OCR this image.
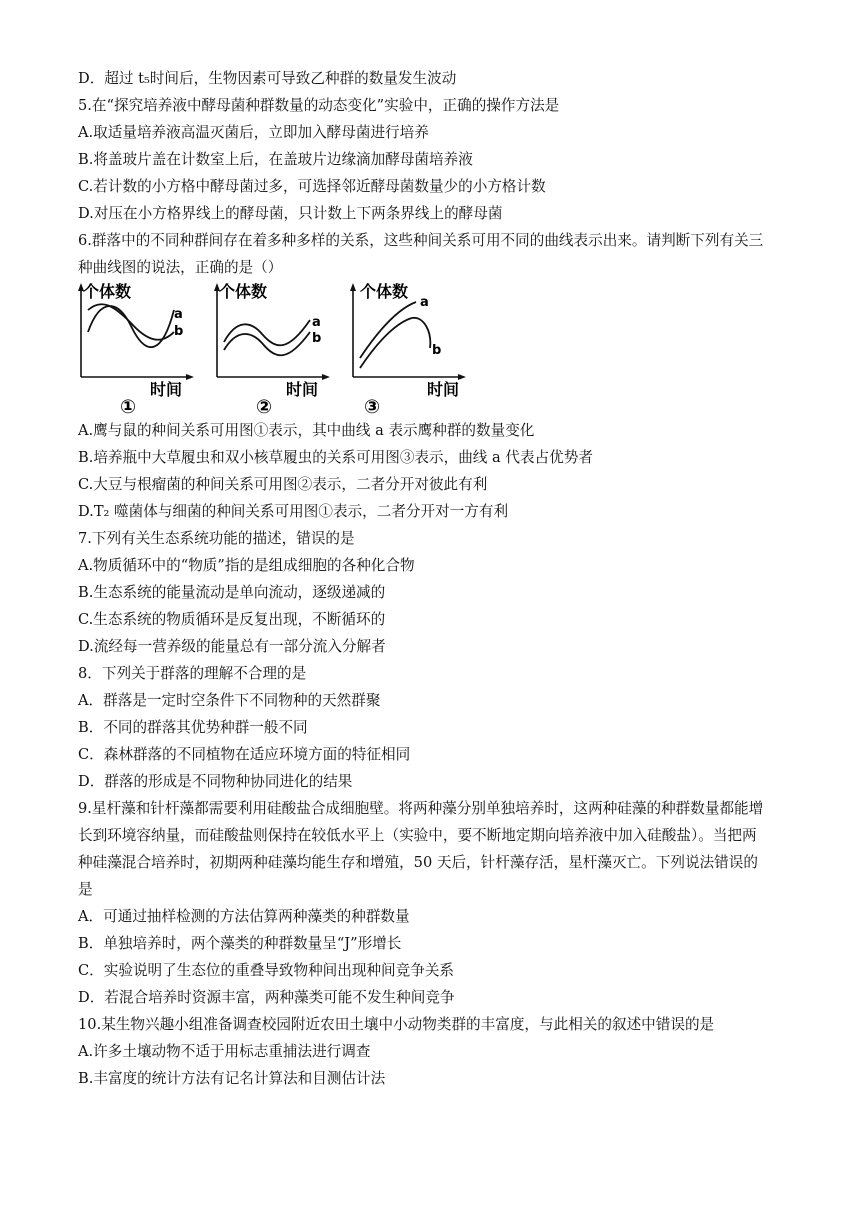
D．超过 t₅时间后，生物因素可导致乙种群的数量发生波动
5.在“探究培养液中酵母菌种群数量的动态变化”实验中，正确的操作方法是
A.取适量培养液高温灭菌后，立即加入酵母菌进行培养
B.将盖玻片盖在计数室上后，在盖玻片边缘滴加酵母菌培养液
C.若计数的小方格中酵母菌过多，可选择邻近酵母菌数量少的小方格计数
D.对压在小方格界线上的酵母菌，只计数上下两条界线上的酵母菌
6.群落中的不同种群间存在着多种多样的关系，这些种间关系可用不同的曲线表示出来。请判断下列有关三
种曲线图的说法，正确的是（）
个体数
a
b
时间
①
个体数
a
b
时间
②
个体数
a
b
时间
③
A.鹰与鼠的种间关系可用图①表示，其中曲线 a 表示鹰种群的数量变化
B.培养瓶中大草履虫和双小核草履虫的关系可用图③表示，曲线 a 代表占优势者
C.大豆与根瘤菌的种间关系可用图②表示，二者分开对彼此有利
D.T₂ 噬菌体与细菌的种间关系可用图①表示，二者分开对一方有利
7.下列有关生态系统功能的描述，错误的是
A.物质循环中的“物质”指的是组成细胞的各种化合物
B.生态系统的能量流动是单向流动，逐级递减的
C.生态系统的物质循环是反复出现，不断循环的
D.流经每一营养级的能量总有一部分流入分解者
8．下列关于群落的理解不合理的是
A．群落是一定时空条件下不同物种的天然群聚
B．不同的群落其优势种群一般不同
C．森林群落的不同植物在适应环境方面的特征相同
D．群落的形成是不同物种协同进化的结果
9.星杆藻和针杆藻都需要利用硅酸盐合成细胞壁。将两种藻分别单独培养时，这两种硅藻的种群数量都能增
长到环境容纳量，而硅酸盐则保持在较低水平上（实验中，要不断地定期向培养液中加入硅酸盐）。当把两
种硅藻混合培养时，初期两种硅藻均能生存和增殖，50 天后，针杆藻存活，星杆藻灭亡。下列说法错误的
是
A．可通过抽样检测的方法估算两种藻类的种群数量
B．单独培养时，两个藻类的种群数量呈“J”形增长
C．实验说明了生态位的重叠导致物种间出现种间竞争关系
D．若混合培养时资源丰富，两种藻类可能不发生种间竞争
10.某生物兴趣小组准备调查校园附近农田土壤中小动物类群的丰富度，与此相关的叙述中错误的是
A.许多土壤动物不适于用标志重捕法进行调查
B.丰富度的统计方法有记名计算法和目测估计法
